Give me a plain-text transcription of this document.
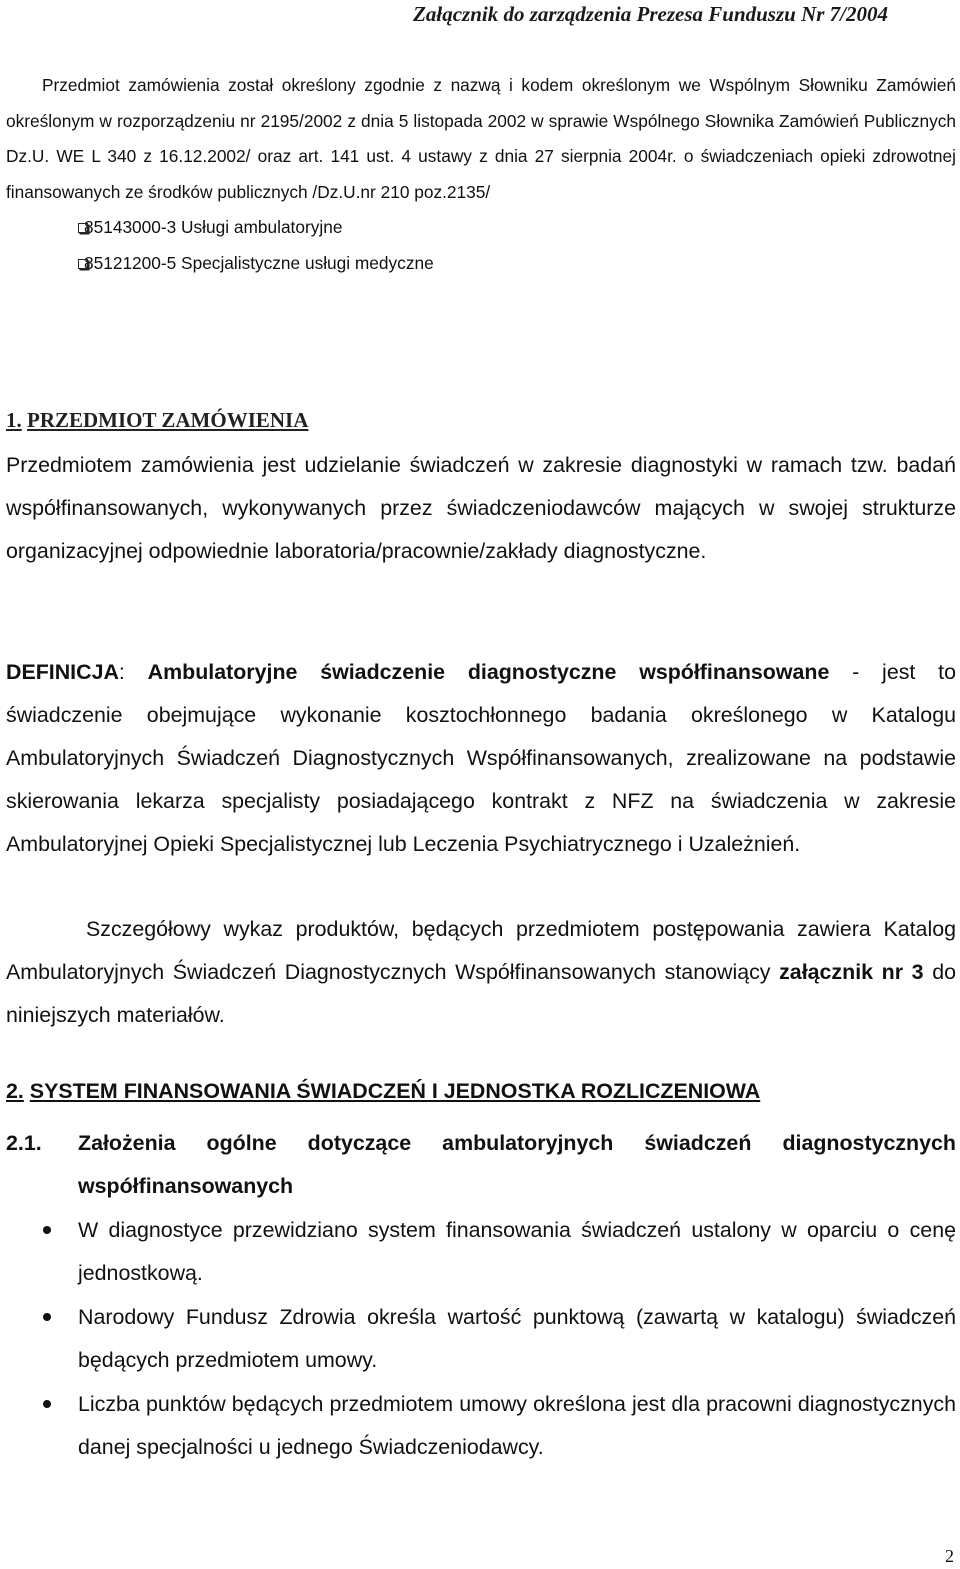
Załącznik do zarządzenia Prezesa Funduszu Nr 7/2004
Przedmiot zamówienia został określony zgodnie z nazwą i kodem określonym we Wspólnym Słowniku Zamówień określonym w rozporządzeniu nr 2195/2002 z dnia 5 listopada 2002 w sprawie Wspólnego Słownika Zamówień Publicznych Dz.U. WE L 340 z 16.12.2002/ oraz art. 141 ust. 4 ustawy z dnia 27 sierpnia 2004r. o świadczeniach opieki zdrowotnej finansowanych ze środków publicznych /Dz.U.nr 210 poz.2135/
85143000-3 Usługi ambulatoryjne
85121200-5 Specjalistyczne usługi medyczne
1. PRZEDMIOT ZAMÓWIENIA
Przedmiotem zamówienia jest udzielanie świadczeń w zakresie diagnostyki w ramach tzw. badań współfinansowanych, wykonywanych przez świadczeniodawców mających w swojej strukturze organizacyjnej odpowiednie laboratoria/pracownie/zakłady diagnostyczne.
DEFINICJA: Ambulatoryjne świadczenie diagnostyczne współfinansowane - jest to świadczenie obejmujące wykonanie kosztochłonnego badania określonego w Katalogu Ambulatoryjnych Świadczeń Diagnostycznych Współfinansowanych, zrealizowane na podstawie skierowania lekarza specjalisty posiadającego kontrakt z NFZ na świadczenia w zakresie Ambulatoryjnej Opieki Specjalistycznej lub Leczenia Psychiatrycznego i Uzależnień.
Szczegółowy wykaz produktów, będących przedmiotem postępowania zawiera Katalog Ambulatoryjnych Świadczeń Diagnostycznych Współfinansowanych stanowiący załącznik nr 3 do niniejszych materiałów.
2. SYSTEM FINANSOWANIA ŚWIADCZEŃ I JEDNOSTKA ROZLICZENIOWA
2.1.	Założenia ogólne dotyczące ambulatoryjnych świadczeń diagnostycznych współfinansowanych
W diagnostyce przewidziano system finansowania świadczeń ustalony w oparciu o cenę jednostkową.
Narodowy Fundusz Zdrowia określa wartość punktową (zawartą w katalogu) świadczeń będących przedmiotem umowy.
Liczba punktów będących przedmiotem umowy określona jest dla pracowni diagnostycznych danej specjalności u jednego Świadczeniodawcy.
2
